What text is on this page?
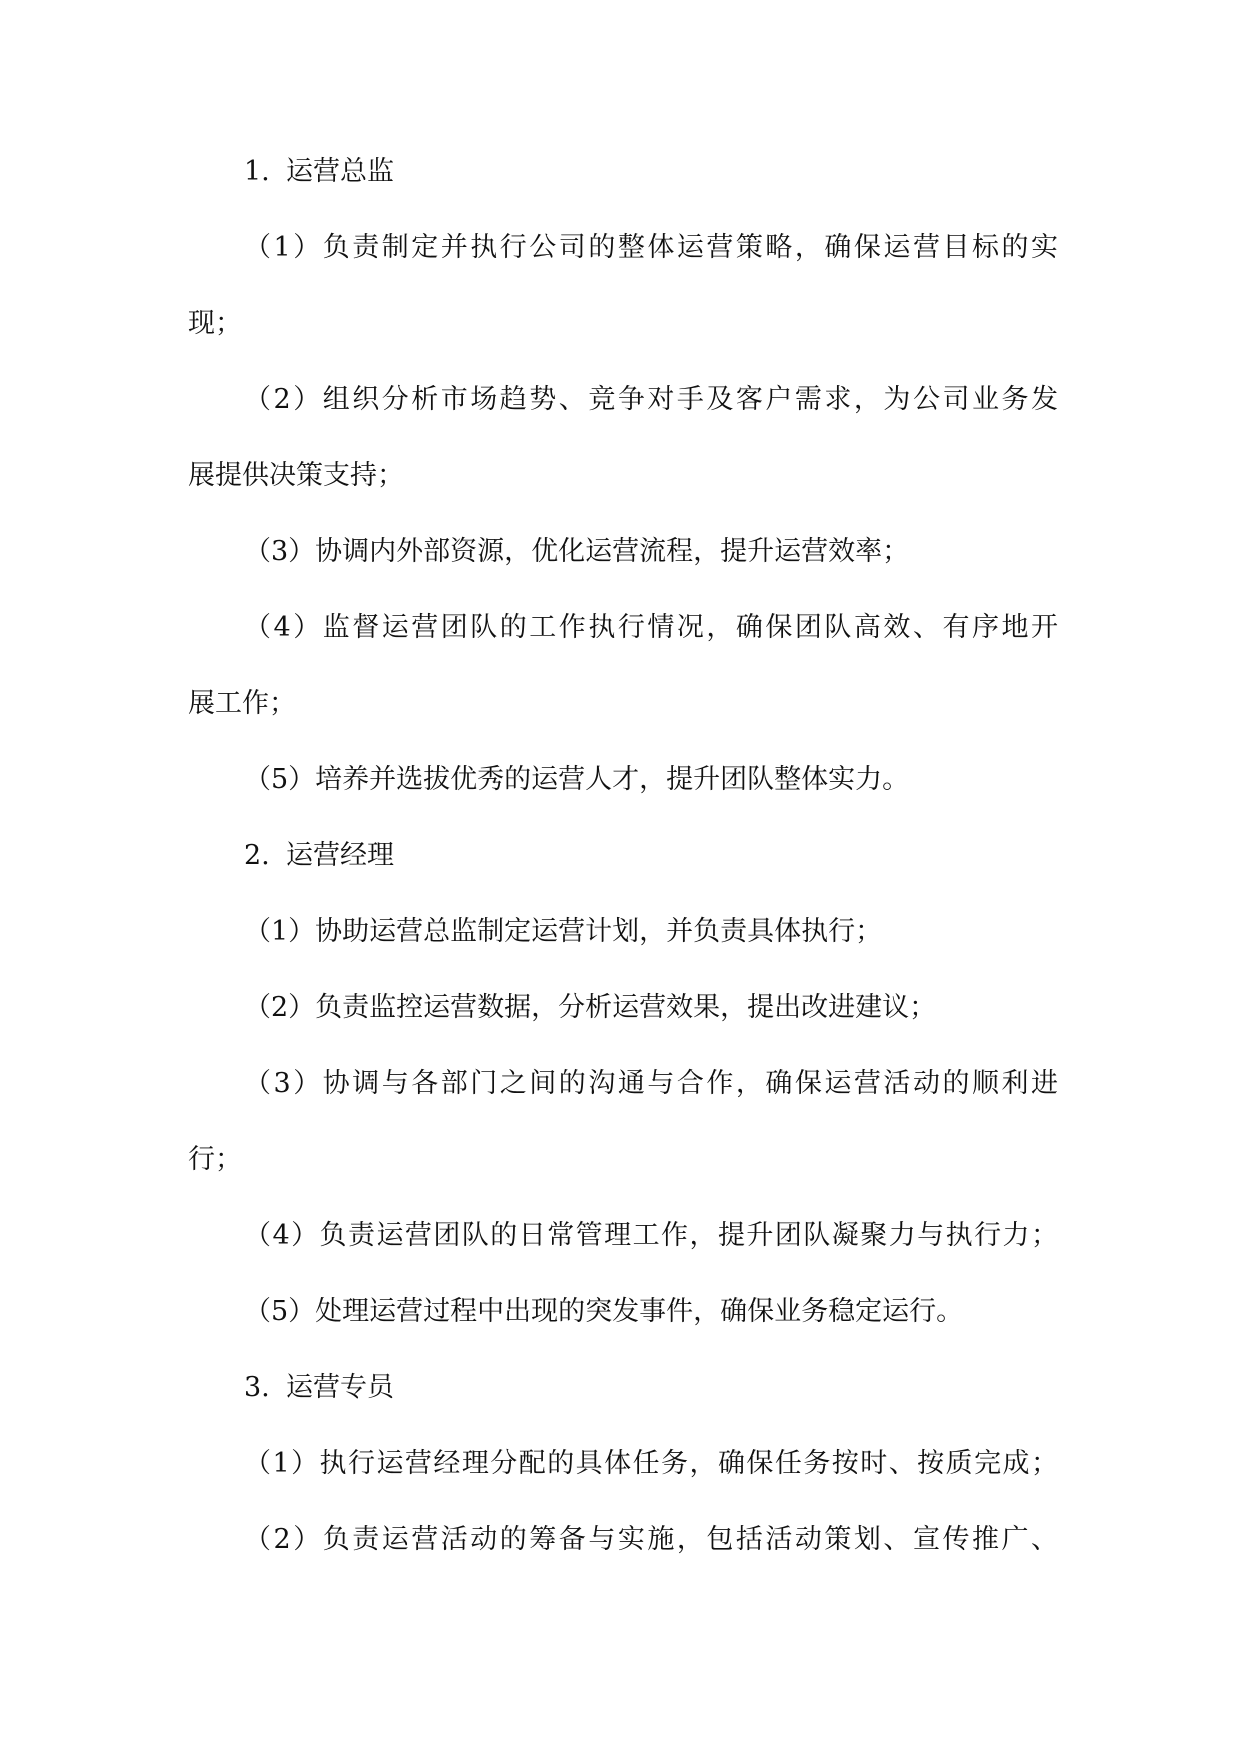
1. 运营总监
（1）负责制定并执行公司的整体运营策略，确保运营目标的实
现；
（2）组织分析市场趋势、竞争对手及客户需求，为公司业务发
展提供决策支持；
（3）协调内外部资源，优化运营流程，提升运营效率；
（4）监督运营团队的工作执行情况，确保团队高效、有序地开
展工作；
（5）培养并选拔优秀的运营人才，提升团队整体实力。
2. 运营经理
（1）协助运营总监制定运营计划，并负责具体执行；
（2）负责监控运营数据，分析运营效果，提出改进建议；
（3）协调与各部门之间的沟通与合作，确保运营活动的顺利进
行；
（4）负责运营团队的日常管理工作，提升团队凝聚力与执行力；
（5）处理运营过程中出现的突发事件，确保业务稳定运行。
3. 运营专员
（1）执行运营经理分配的具体任务，确保任务按时、按质完成；
（2）负责运营活动的筹备与实施，包括活动策划、宣传推广、
